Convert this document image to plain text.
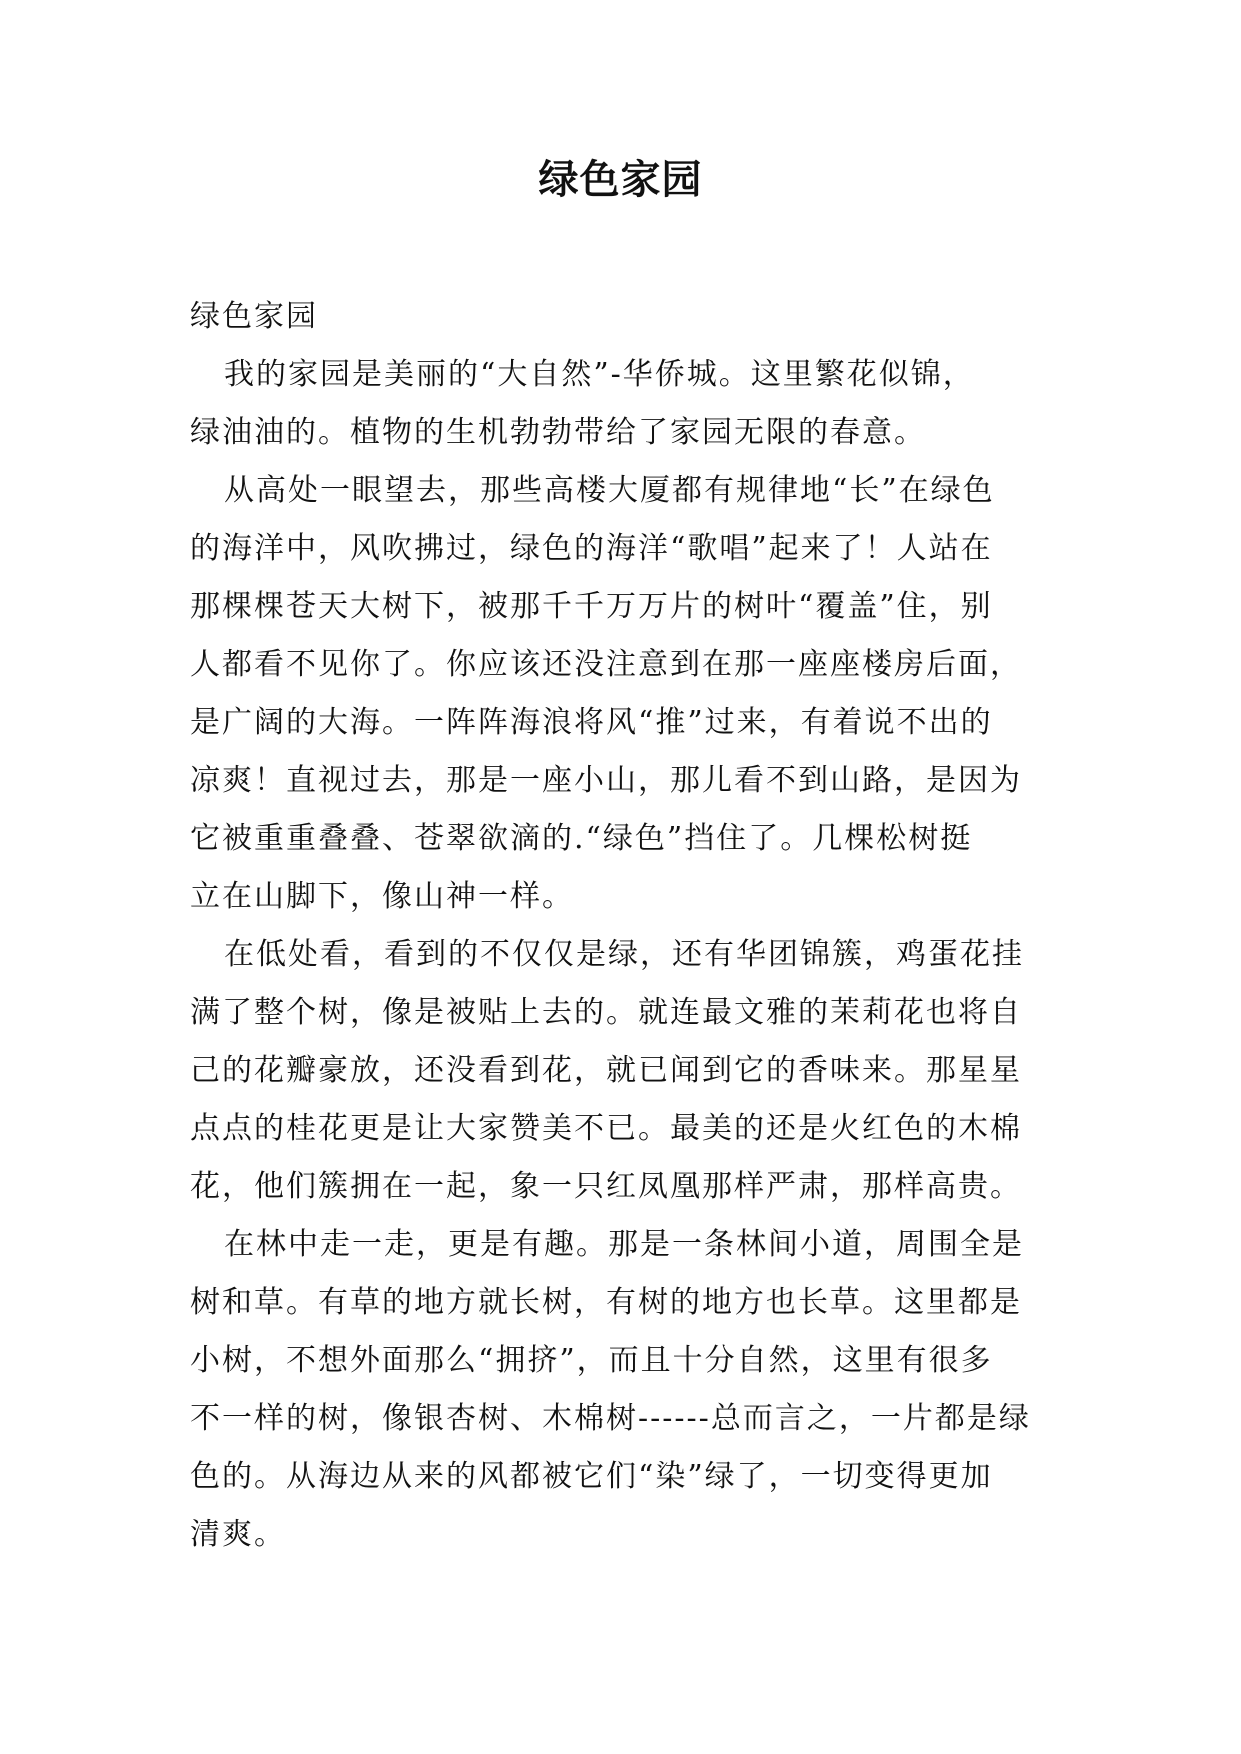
绿色家园

绿色家园

我的家园是美丽的“大自然”-华侨城。这里繁花似锦，

绿油油的。植物的生机勃勃带给了家园无限的春意。

从高处一眼望去，那些高楼大厦都有规律地“长”在绿色

的海洋中，风吹拂过，绿色的海洋“歌唱”起来了！人站在

那棵棵苍天大树下，被那千千万万片的树叶“覆盖”住，别

人都看不见你了。你应该还没注意到在那一座座楼房后面，

是广阔的大海。一阵阵海浪将风“推”过来，有着说不出的

凉爽！直视过去，那是一座小山，那儿看不到山路，是因为

它被重重叠叠、苍翠欲滴的.“绿色”挡住了。几棵松树挺

立在山脚下，像山神一样。

在低处看，看到的不仅仅是绿，还有华团锦簇，鸡蛋花挂

满了整个树，像是被贴上去的。就连最文雅的茉莉花也将自

己的花瓣豪放，还没看到花，就已闻到它的香味来。那星星

点点的桂花更是让大家赞美不已。最美的还是火红色的木棉

花，他们簇拥在一起，象一只红凤凰那样严肃，那样高贵。

在林中走一走，更是有趣。那是一条林间小道，周围全是

树和草。有草的地方就长树，有树的地方也长草。这里都是

小树，不想外面那么“拥挤”，而且十分自然，这里有很多

不一样的树，像银杏树、木棉树------总而言之，一片都是绿

色的。从海边从来的风都被它们“染”绿了，一切变得更加

清爽。
